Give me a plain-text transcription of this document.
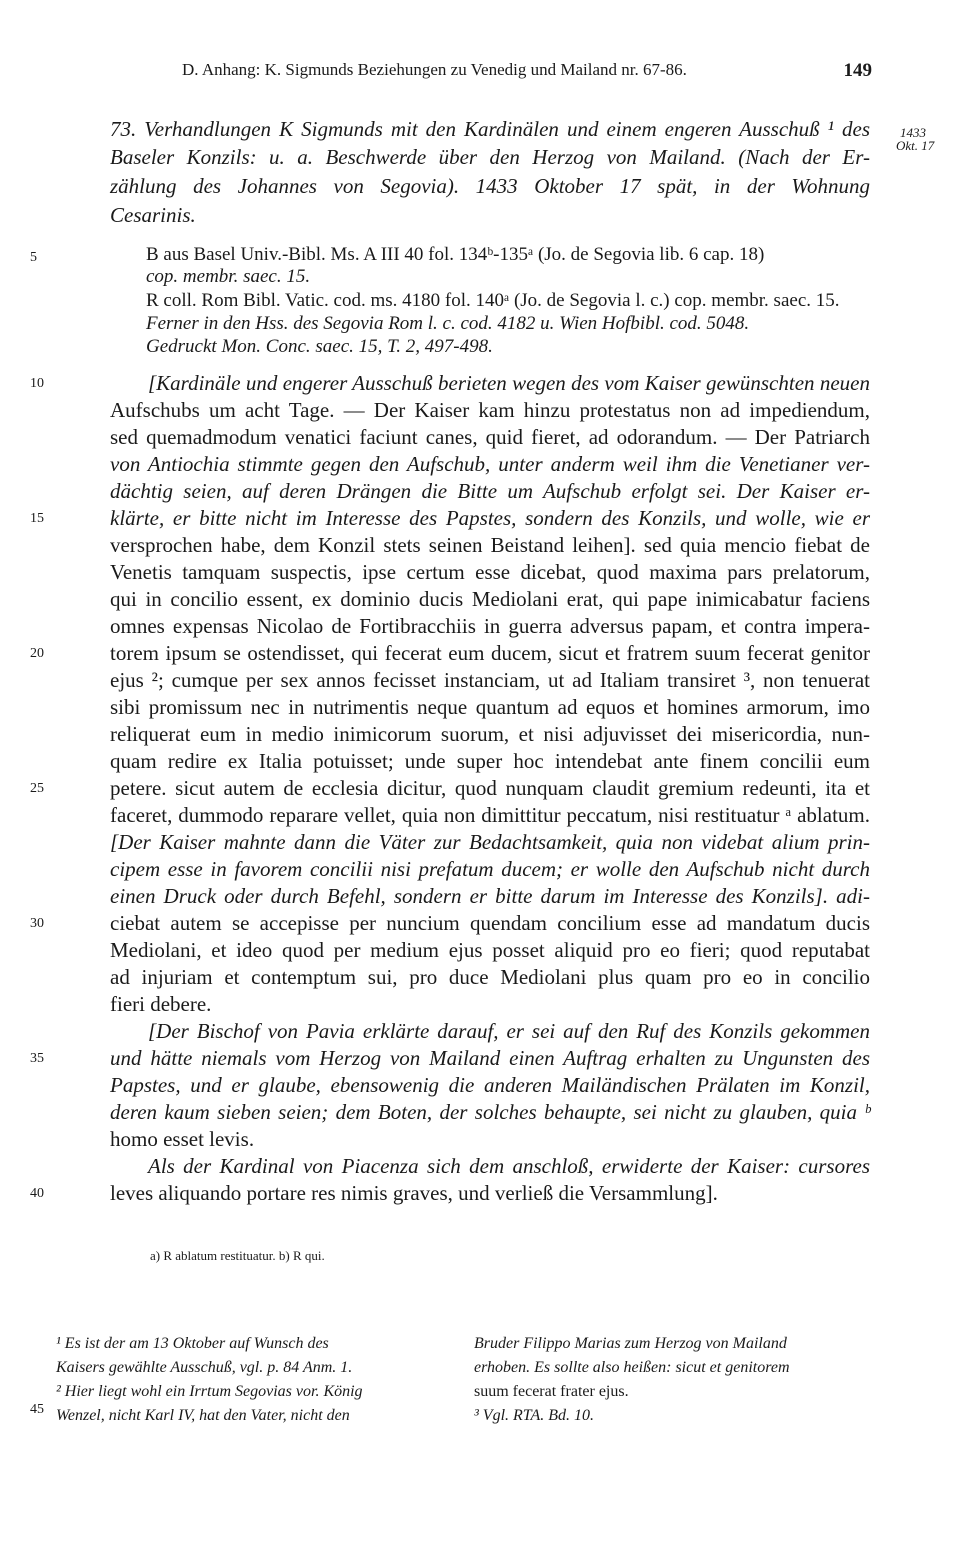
D. Anhang: K. Sigmunds Beziehungen zu Venedig und Mailand nr. 67-86.	149
1433
Okt. 17
73. Verhandlungen K Sigmunds mit den Kardinälen und einem engeren Ausschuß ¹ des
Baseler Konzils: u. a. Beschwerde über den Herzog von Mailand. (Nach der Er-
zählung des Johannes von Segovia). 1433 Oktober 17 spät, in der Wohnung
Cesarinis.
B aus Basel Univ.-Bibl. Ms. A III 40 fol. 134ᵇ-135ᵃ (Jo. de Segovia lib. 6 cap. 18)
cop. membr. saec. 15.
R coll. Rom Bibl. Vatic. cod. ms. 4180 fol. 140ᵃ (Jo. de Segovia l. c.) cop. membr. saec. 15.
Ferner in den Hss. des Segovia Rom l. c. cod. 4182 u. Wien Hofbibl. cod. 5048.
Gedruckt Mon. Conc. saec. 15, T. 2, 497-498.
[Kardinäle und engerer Ausschuß berieten wegen des vom Kaiser gewünschten neuen
Aufschubs um acht Tage. — Der Kaiser kam hinzu protestatus non ad impediendum,
sed quemadmodum venatici faciunt canes, quid fieret, ad odorandum. — Der Patriarch
von Antiochia stimmte gegen den Aufschub, unter anderm weil ihm die Venetianer ver-
dächtig seien, auf deren Drängen die Bitte um Aufschub erfolgt sei. Der Kaiser er-
klärte, er bitte nicht im Interesse des Papstes, sondern des Konzils, und wolle, wie er
versprochen habe, dem Konzil stets seinen Beistand leihen]. sed quia mencio fiebat de
Venetis tamquam suspectis, ipse certum esse dicebat, quod maxima pars prelatorum,
qui in concilio essent, ex dominio ducis Mediolani erat, qui pape inimicabatur faciens
omnes expensas Nicolao de Fortibracchiis in guerra adversus papam, et contra impera-
torem ipsum se ostendisset, qui fecerat eum ducem, sicut et fratrem suum fecerat genitor
ejus ²; cumque per sex annos fecisset instanciam, ut ad Italiam transiret ³, non tenuerat
sibi promissum nec in nutrimentis neque quantum ad equos et homines armorum, imo
reliquerat eum in medio inimicorum suorum, et nisi adjuvisset dei misericordia, nun-
quam redire ex Italia potuisset; unde super hoc intendebat ante finem concilii eum
petere. sicut autem de ecclesia dicitur, quod nunquam claudit gremium redeunti, ita et
faceret, dummodo reparare vellet, quia non dimittitur peccatum, nisi restituatur ᵃ ablatum.
[Der Kaiser mahnte dann die Väter zur Bedachtsamkeit, quia non videbat alium prin-
cipem esse in favorem concilii nisi prefatum ducem; er wolle den Aufschub nicht durch
einen Druck oder durch Befehl, sondern er bitte darum im Interesse des Konzils]. adi-
ciebat autem se accepisse per nuncium quendam concilium esse ad mandatum ducis
Mediolani, et ideo quod per medium ejus posset aliquid pro eo fieri; quod reputabat
ad injuriam et contemptum sui, pro duce Mediolani plus quam pro eo in concilio
fieri debere.
[Der Bischof von Pavia erklärte darauf, er sei auf den Ruf des Konzils gekommen
und hätte niemals vom Herzog von Mailand einen Auftrag erhalten zu Ungunsten des
Papstes, und er glaube, ebensowenig die anderen Mailändischen Prälaten im Konzil,
deren kaum sieben seien; dem Boten, der solches behaupte, sei nicht zu glauben, quia ᵇ
homo esset levis.
Als der Kardinal von Piacenza sich dem anschloß, erwiderte der Kaiser: cursores
leves aliquando portare res nimis graves, und verließ die Versammlung].
5
10
15
20
25
30
35
40
45
a) R ablatum restituatur. b) R qui.
¹ Es ist der am 13 Oktober auf Wunsch des
Kaisers gewählte Ausschuß, vgl. p. 84 Anm. 1.
² Hier liegt wohl ein Irrtum Segovias vor. König
Wenzel, nicht Karl IV, hat den Vater, nicht den
Bruder Filippo Marias zum Herzog von Mailand
erhoben. Es sollte also heißen: sicut et genitorem
suum fecerat frater ejus.
³ Vgl. RTA. Bd. 10.
